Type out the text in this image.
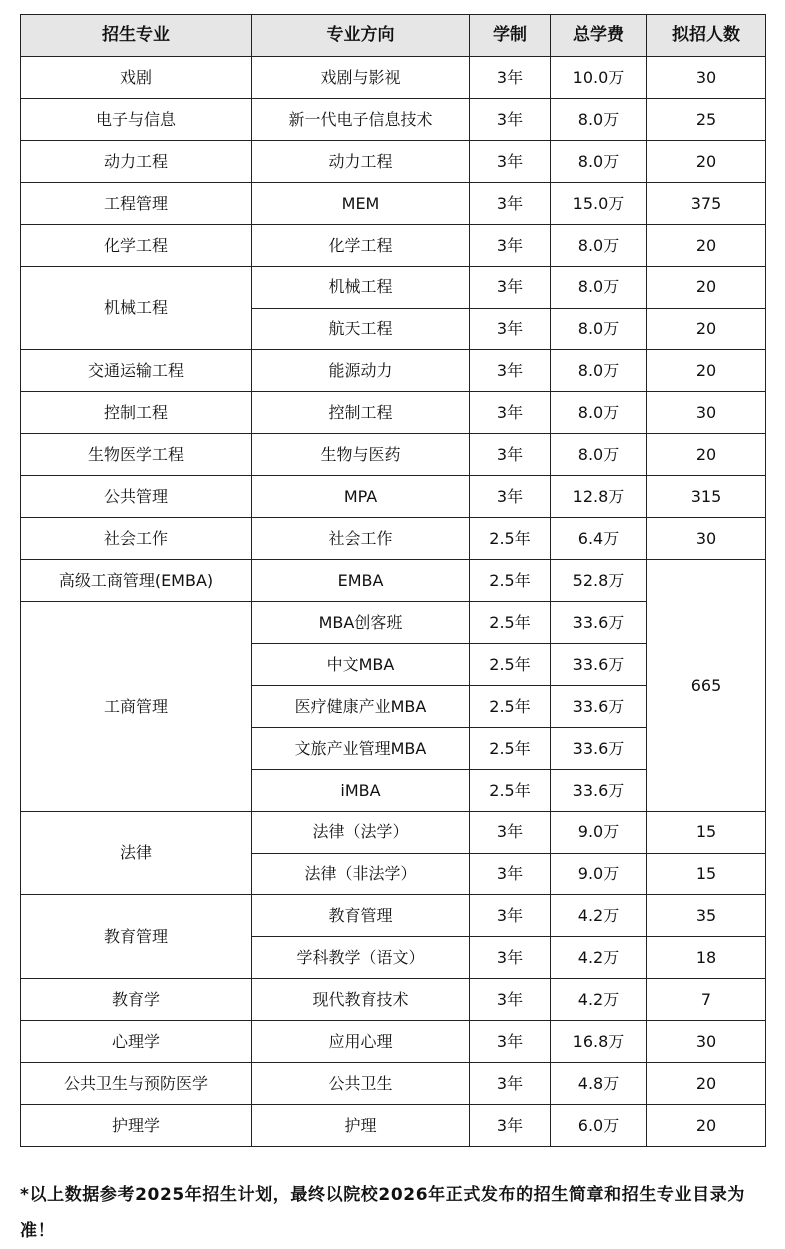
招生专业	专业方向	学制	总学费	拟招人数
戏剧	戏剧与影视	3年	10.0万	30
电子与信息	新一代电子信息技术	3年	8.0万	25
动力工程	动力工程	3年	8.0万	20
工程管理	MEM	3年	15.0万	375
化学工程	化学工程	3年	8.0万	20
机械工程	机械工程	3年	8.0万	20
	航天工程	3年	8.0万	20
交通运输工程	能源动力	3年	8.0万	20
控制工程	控制工程	3年	8.0万	30
生物医学工程	生物与医药	3年	8.0万	20
公共管理	MPA	3年	12.8万	315
社会工作	社会工作	2.5年	6.4万	30
高级工商管理(EMBA)	EMBA	2.5年	52.8万	665
工商管理	MBA创客班	2.5年	33.6万	
	中文MBA	2.5年	33.6万	
	医疗健康产业MBA	2.5年	33.6万	
	文旅产业管理MBA	2.5年	33.6万	
	iMBA	2.5年	33.6万	
法律	法律（法学）	3年	9.0万	15
	法律（非法学）	3年	9.0万	15
教育管理	教育管理	3年	4.2万	35
	学科教学（语文）	3年	4.2万	18
教育学	现代教育技术	3年	4.2万	7
心理学	应用心理	3年	16.8万	30
公共卫生与预防医学	公共卫生	3年	4.8万	20
护理学	护理	3年	6.0万	20

*以上数据参考2025年招生计划，最终以院校2026年正式发布的招生简章和招生专业目录为准！
